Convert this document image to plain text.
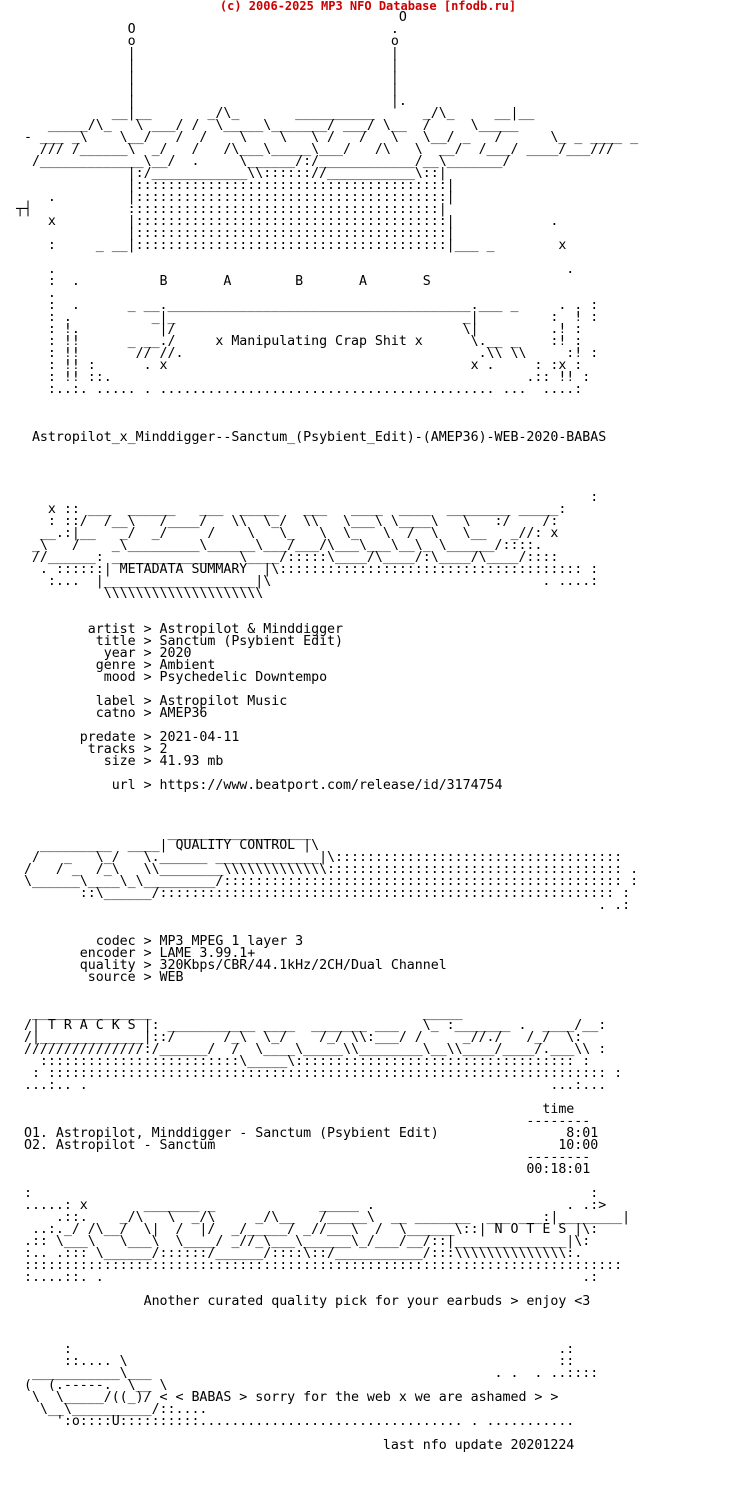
(c) 2006-2025 MP3 NFO Database [nfodb.ru]
O
O                                .
o                                o
|                                |
|                                |
|                                |
|                                |
|                                |.
__|__       _/\_       __________      _/\_     __|__
_____/\_   \ ___/ /  \_____\_______/ ___/ \__  /     \_____
- ___ _\    \__/   /  /    \    \   \ /   /   \   \__/ _   /      \_ _ ____ _
/// /______\  _/   /   /\___\_____\___/   /\   \  __/  /___/ ____/___///
/_____________\__/  .     \______/:/____________/__\_______/
|:/____________\\:::::://___________\::|
|:::::::::::::::::::::::::::::::::::::::|
.         |:::::::::::::::::::::::::::::::::::::::|
┬┤            :::::::::::::::::::::::::::::::::::::::|
x         |:::::::::::::::::::::::::::::::::::::::|            .
|:::::::::::::::::::::::::::::::::::::::|
:     _ __|:::::::::::::::::::::::::::::::::::::::|___ _        x

.                                                                .
:  .          B       A        B       A       S
.
:  .      _ __.______________________________________.___ _     . . :
: .          _|_                                    _|         :  ! :
: !.          |/                                    \|         .! :
: !!      _ __./     x Manipulating Crap Shit x      \.__ _    :! :
: !!       // //.                                     .\\ \\     :! :
: !! :      . x                                      x .     : :x :
: !! ::.                                                    .:: !! :
:..:. ..... . .......................................... ...  ....:

Astropilot_x_Minddigger--Sanctum_(Psybient_Edit)-(AMEP36)-WEB-2020-BABAS

:
x :: ___  ______   ___  _____   ___   ____  ____  ________ _____:
: ::/  /__\   /____/   \\  \_/  \\   \___\ \____\   \   :/    /:
__.:|__   _/  _/     /    \   \_   \  \_   \  /  \   \__   _//: x
_\   /    _\_________\______\___/___/\___\___\__\_ \______/::::.
//______: ______________  \____/:::::\____/\____/:\____/\____/::::
. ::::::| METADATA SUMMARY  |\:::::::::::::::::::::::::::::::::::::: :
:...  |___________________|\                                  . ....:
\\\\\\\\\\\\\\\\\\\\

artist > Astropilot & Minddigger
title > Sanctum (Psybient Edit)
year > 2020
genre > Ambient
mood > Psychedelic Downtempo

label > Astropilot Music
catno > AMEP36

predate > 2021-04-11
tracks > 2
size > 41.93 mb

url > https://www.beatport.com/release/id/3174754

__________________
_________  ____| QUALITY CONTROL |\
/   _   \_/   \.______ _____________|\::::::::::::::::::::::::::::::::::::
/   / _  /_\   \\________\\\\\\\\\\\\\::::::::::::::::::::::::::::::::::::: .
\______\____\_\_________/:::::::::::::::::::::::::::::::::::::::::::::::::: :
::\______/::::::::::::::::::::::::::::::::::::::::::::::::::::::::: :
. .:

codec > MP3 MPEG 1 layer 3
encoder > LAME 3.99.1+
quality > 320Kbps/CBR/44.1kHz/2CH/Dual Channel
source > WEB

_______________                                  _____
/| T R A C K S |: ___________ ____  _______ ___   \_ :_______ .  ____/__:
/|_____________|::/      /_\  \_/    /_/ \\:___/ /     _//./   /_/  \:
///////////////:/______/  /  \____\_____\\________\__\\____/____/.___\\ :
:::::::::::::::::::::::::\_____\::::::::::::::::::::::::::::::::::: :
: :::::::::::::::::::::::::::::::::::::::::::::::::::::::::::::::::::::: :
...:.. .                                                          ...:...

time
--------
O1. Astropilot, Minddigger - Sanctum (Psybient Edit)                8:01
O2. Astropilot - Sanctum                                           10:00
--------
00:18:01

:                                                                      :
.....: x       _______ _             _____ .                        . .:>
.::.    _/\   \  _/\     _/\__   /_____\  __ _______  ___ ___:|________|
..:._/ /\__/  \|  /  |/  _/_____/ _//___\  /  \______\::| N O T E S |\:
.:: \___\   \___\  \____/ _//_\___\______\_/___/__/::|______________|\:
:.. .::: \______/::::::/______/::::\::/___________/:::\\\\\\\\\\\\\\:.
:::::::::::::::::::::::::::::::::::::::::::::::::::::::::::::::::::::::::::
:....::. .                                                            .:

Another curated quality pick for your earbuds > enjoy <3

:                                                             .:
::.... \                                                      ::
___________\___                                           . .  . ..::::
(  (.-----.  \__ \
\  \_____/((_)/ < < BABAS > sorry for the web x we are ashamed > >
\__\__________/::....
':o::::U::::::::::................................. . ...........

last nfo update 20201224
